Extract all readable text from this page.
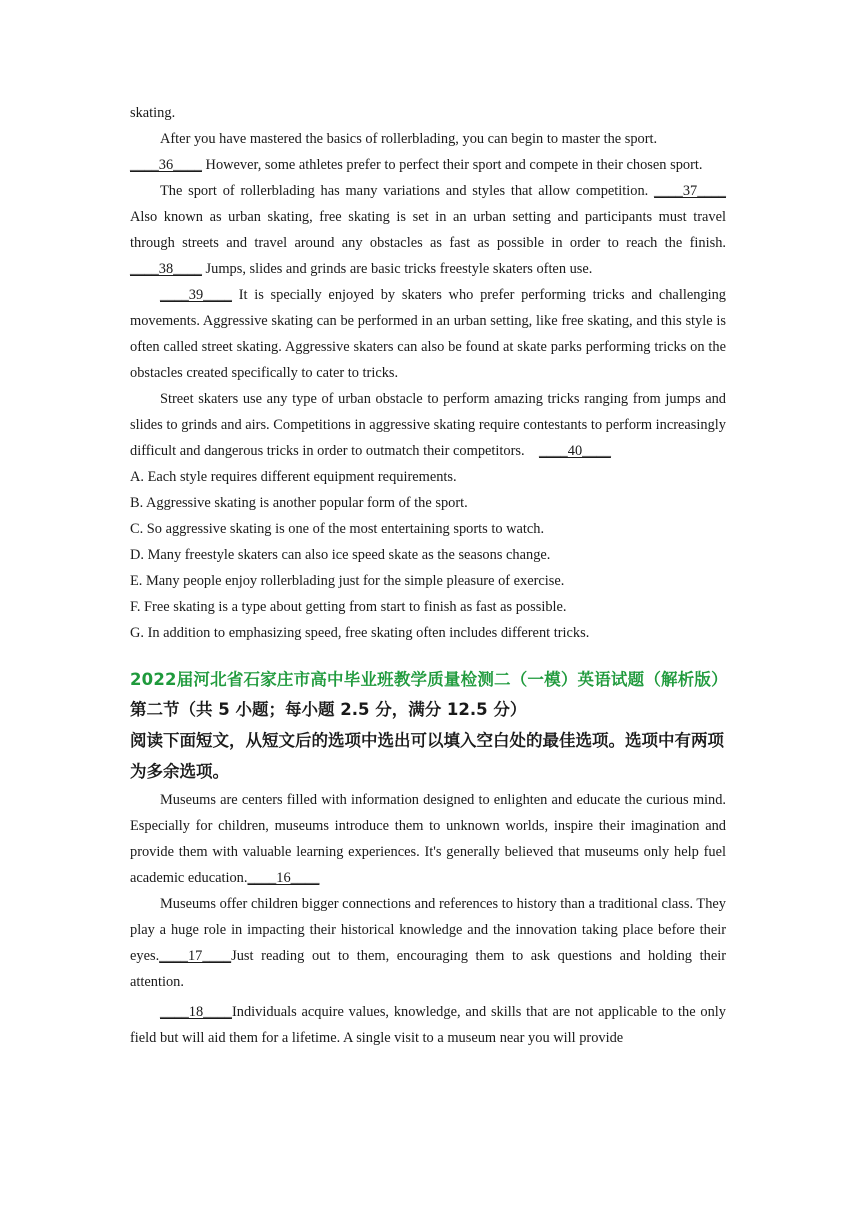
skating.

After you have mastered the basics of rollerblading, you can begin to master the sport.
____36____ However, some athletes prefer to perfect their sport and compete in their chosen sport.

The sport of rollerblading has many variations and styles that allow competition. ____37____ Also known as urban skating, free skating is set in an urban setting and participants must travel through streets and travel around any obstacles as fast as possible in order to reach the finish. ____38____ Jumps, slides and grinds are basic tricks freestyle skaters often use.

____39____ It is specially enjoyed by skaters who prefer performing tricks and challenging movements. Aggressive skating can be performed in an urban setting, like free skating, and this style is often called street skating. Aggressive skaters can also be found at skate parks performing tricks on the obstacles created specifically to cater to tricks.

Street skaters use any type of urban obstacle to perform amazing tricks ranging from jumps and slides to grinds and airs. Competitions in aggressive skating require contestants to perform increasingly difficult and dangerous tricks in order to outmatch their competitors.    ____40____

A. Each style requires different equipment requirements.

B. Aggressive skating is another popular form of the sport.

C. So aggressive skating is one of the most entertaining sports to watch.

D. Many freestyle skaters can also ice speed skate as the seasons change.

E. Many people enjoy rollerblading just for the simple pleasure of exercise.

F. Free skating is a type about getting from start to finish as fast as possible.

G. In addition to emphasizing speed, free skating often includes different tricks.

2022届河北省石家庄市高中毕业班教学质量检测二（一模）英语试题（解析版）

第二节（共 5 小题；每小题 2.5 分，满分 12.5 分）

阅读下面短文，从短文后的选项中选出可以填入空白处的最佳选项。选项中有两项为多余选项。

Museums are centers filled with information designed to enlighten and educate the curious mind. Especially for children, museums introduce them to unknown worlds, inspire their imagination and provide them with valuable learning experiences. It's generally believed that museums only help fuel academic education.____16____

Museums offer children bigger connections and references to history than a traditional class. They play a huge role in impacting their historical knowledge and the innovation taking place before their eyes.____17____Just reading out to them, encouraging them to ask questions and holding their attention.

____18____Individuals acquire values, knowledge, and skills that are not applicable to the only field but will aid them for a lifetime. A single visit to a museum near you will provide
